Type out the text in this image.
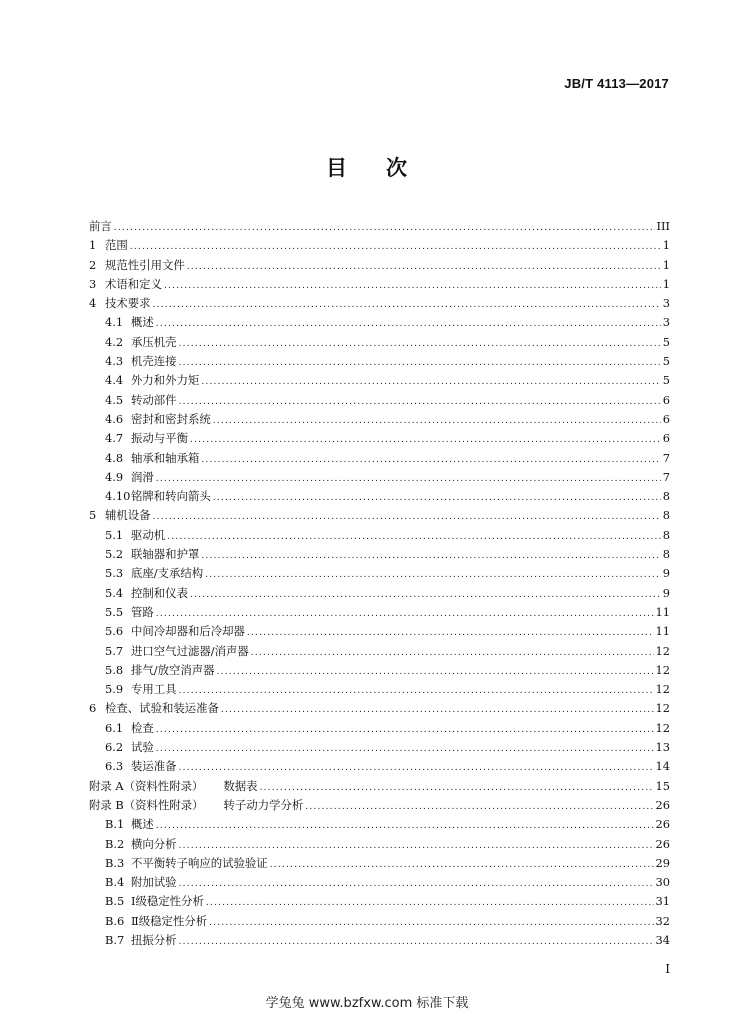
JB/T 4113—2017
目 次
前言 .....	III
1 范围 .....	1
2 规范性引用文件 .....	1
3 术语和定义 .....	1
4 技术要求 .....	3
4.1 概述 .....	3
4.2 承压机壳 .....	5
4.3 机壳连接 .....	5
4.4 外力和外力矩 .....	5
4.5 转动部件 .....	6
4.6 密封和密封系统 .....	6
4.7 振动与平衡 .....	6
4.8 轴承和轴承箱 .....	7
4.9 润滑 .....	7
4.10 铭牌和转向箭头 .....	8
5 辅机设备 .....	8
5.1 驱动机 .....	8
5.2 联轴器和护罩 .....	8
5.3 底座/支承结构 .....	9
5.4 控制和仪表 .....	9
5.5 管路 .....	11
5.6 中间冷却器和后冷却器 .....	11
5.7 进口空气过滤器/消声器 .....	12
5.8 排气/放空消声器 .....	12
5.9 专用工具 .....	12
6 检查、试验和装运准备 .....	12
6.1 检查 .....	12
6.2 试验 .....	13
6.3 装运准备 .....	14
附录 A（资料性附录） 数据表 .....	15
附录 B（资料性附录） 转子动力学分析 .....	26
B.1 概述 .....	26
B.2 横向分析 .....	26
B.3 不平衡转子响应的试验验证 .....	29
B.4 附加试验 .....	30
B.5 Ⅰ级稳定性分析 .....	31
B.6 Ⅱ级稳定性分析 .....	32
B.7 扭振分析 .....	34
I
学兔兔 www.bzfxw.com 标准下载
